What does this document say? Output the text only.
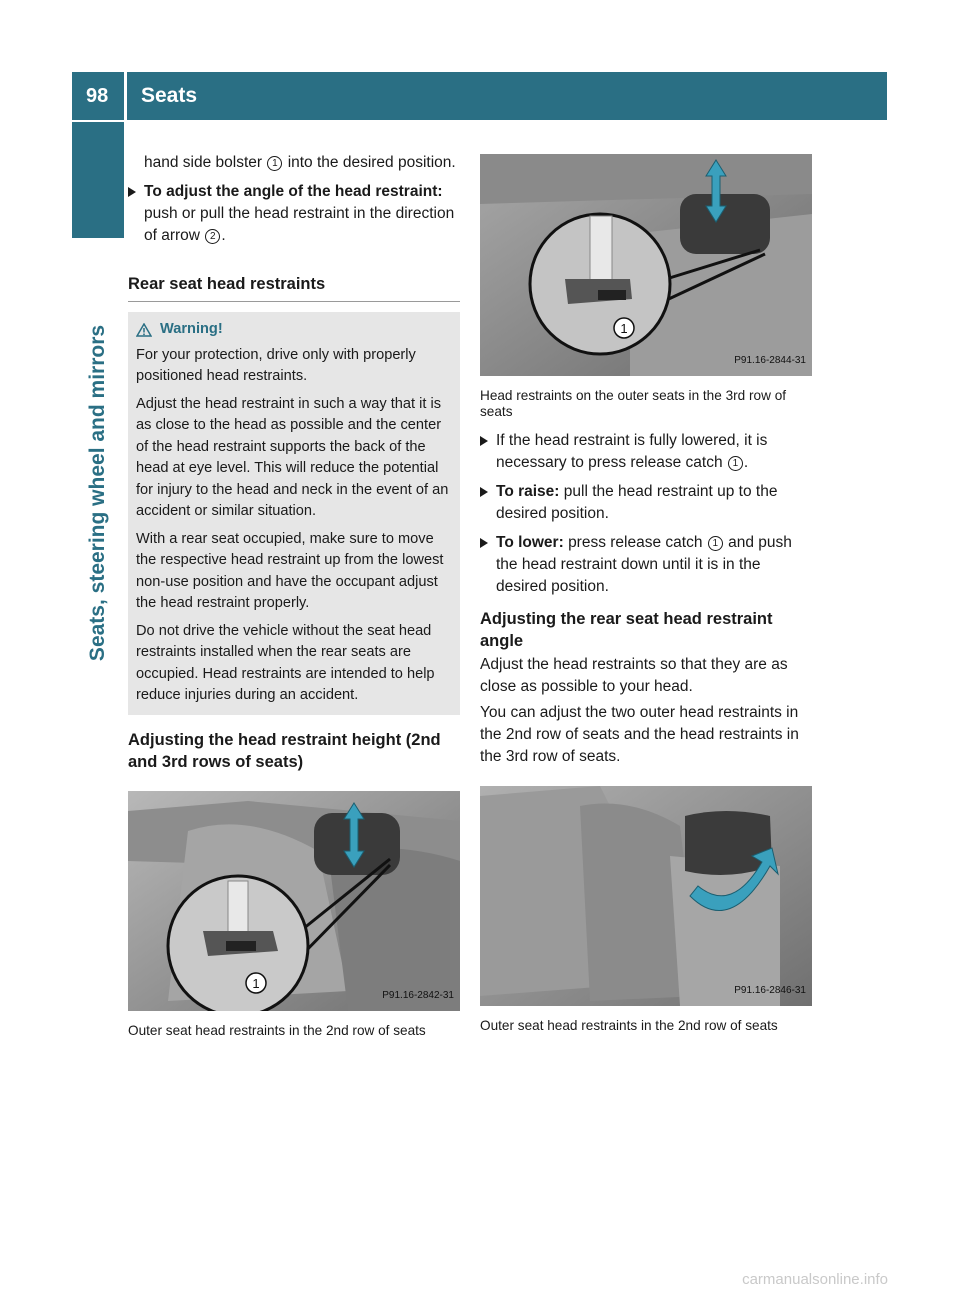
98	Seats
Seats, steering wheel and mirrors

hand side bolster 1 into the desired position.

To adjust the angle of the head restraint: push or pull the head restraint in the direction of arrow 2 .
Rear seat head restraints
Warning!

For your protection, drive only with properly positioned head restraints.

Adjust the head restraint in such a way that it is as close to the head as possible and the center of the head restraint supports the back of the head at eye level. This will reduce the potential for injury to the head and neck in the event of an accident or similar situation.

With a rear seat occupied, make sure to move the respective head restraint up from the lowest non-use position and have the occupant adjust the head restraint properly.

Do not drive the vehicle without the seat head restraints installed when the rear seats are occupied. Head restraints are intended to help reduce injuries during an accident.

Adjusting the head restraint height (2nd and 3rd rows of seats)
1
P91.16-2842-31

Outer seat head restraints in the 2nd row of seats

1
P91.16-2844-31

Head restraints on the outer seats in the 3rd row of seats

If the head restraint is fully lowered, it is necessary to press release catch 1 .
To raise: pull the head restraint up to the desired position.
To lower: press release catch 1 and push the head restraint down until it is in the desired position.
Adjusting the rear seat head restraint angle

Adjust the head restraints so that they are as close as possible to your head.

You can adjust the two outer head restraints in the 2nd row of seats and the head restraints in the 3rd row of seats.

P91.16-2846-31

Outer seat head restraints in the 2nd row of seats

carmanualsonline.info
